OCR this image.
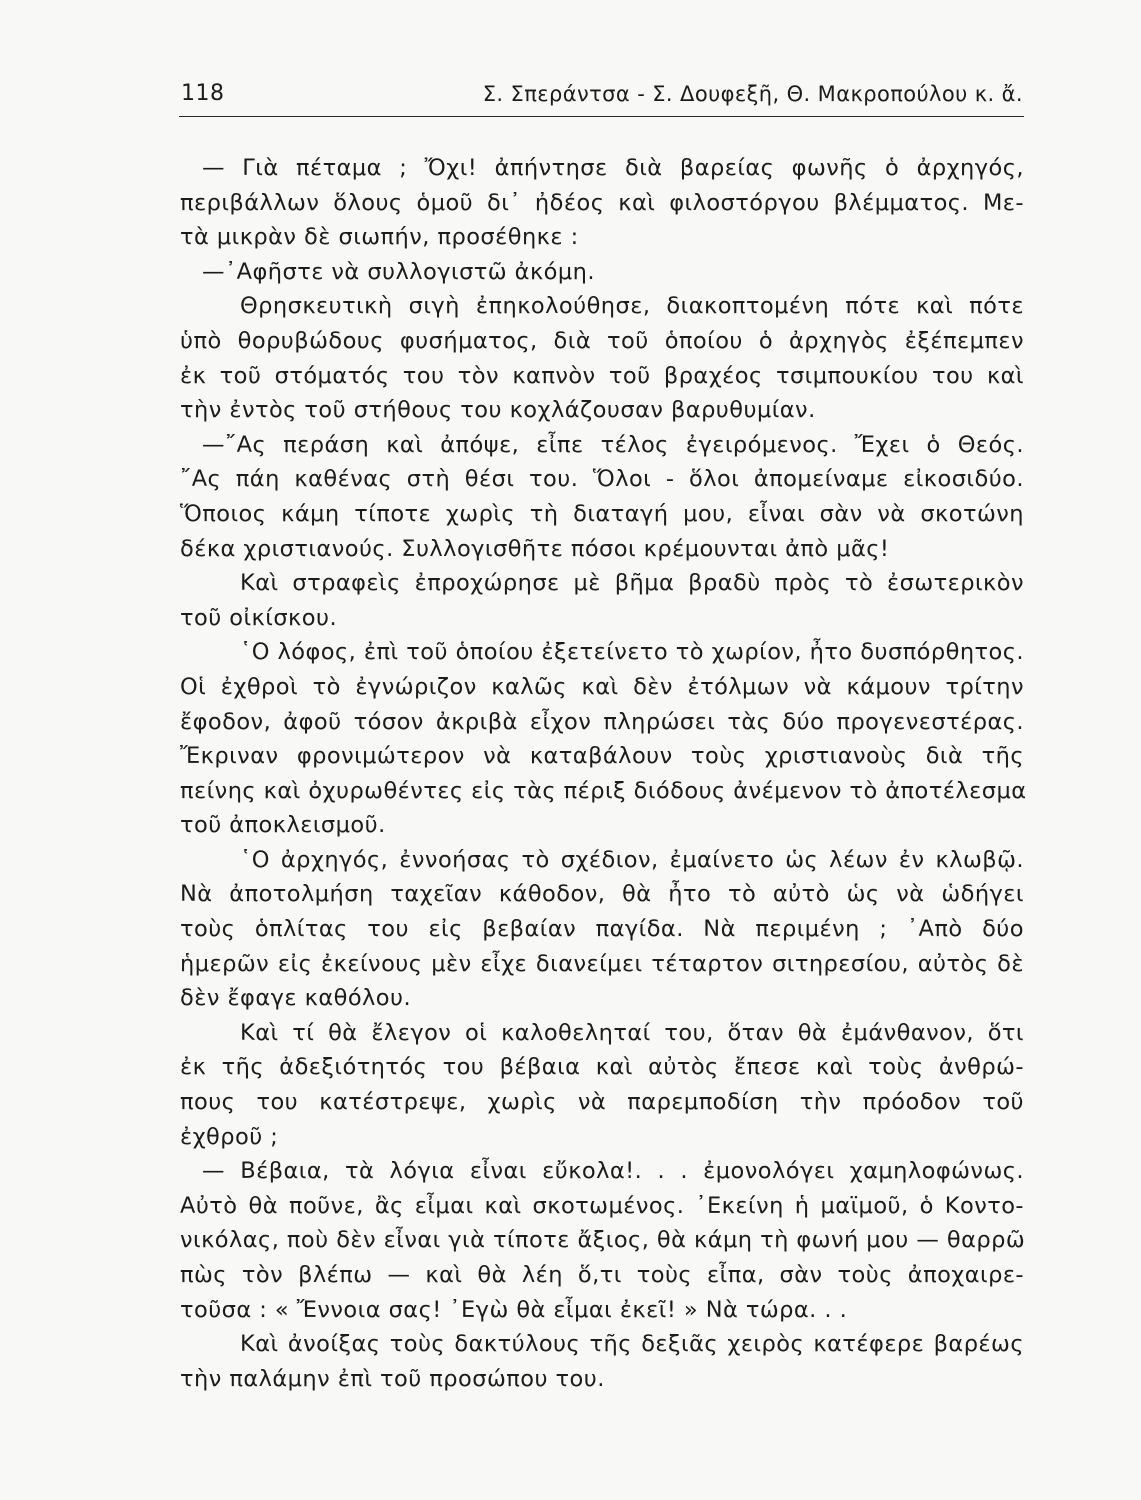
118	Σ. Σπεράντσα - Σ. Δουφεξῆ, Θ. Μακροπούλου κ. ἄ.
— Γιὰ πέταμα ; Ὄχι! ἀπήντησε διὰ βαρείας φωνῆς ὁ ἀρχηγός,
περιβάλλων ὅλους ὁμοῦ δι᾽ ἠδέος καὶ φιλοστόργου βλέμματος. Με-
τὰ μικρὰν δὲ σιωπήν, προσέθηκε :
—᾽Αφῆστε νὰ συλλογιστῶ ἀκόμη.
Θρησκευτικὴ σιγὴ ἐπηκολούθησε, διακοπτομένη πότε καὶ πότε
ὑπὸ θορυβώδους φυσήματος, διὰ τοῦ ὁποίου ὁ ἀρχηγὸς ἐξέπεμπεν
ἐκ τοῦ στόματός του τὸν καπνὸν τοῦ βραχέος τσιμπουκίου του καὶ
τὴν ἐντὸς τοῦ στήθους του κοχλάζουσαν βαρυθυμίαν.
—῎Ας περάση καὶ ἀπόψε, εἶπε τέλος ἐγειρόμενος. Ἔχει ὁ Θεός.
῎Ας πάη καθένας στὴ θέσι του. Ὅλοι - ὅλοι ἀπομείναμε εἰκοσιδύο.
Ὅποιος κάμη τίποτε χωρὶς τὴ διαταγή μου, εἶναι σὰν νὰ σκοτώνη
δέκα χριστιανούς. Συλλογισθῆτε πόσοι κρέμουνται ἀπὸ μᾶς!
Καὶ στραφεὶς ἐπροχώρησε μὲ βῆμα βραδὺ πρὸς τὸ ἐσωτερικὸν
τοῦ οἰκίσκου.
῾Ο λόφος, ἐπὶ τοῦ ὁποίου ἐξετείνετο τὸ χωρίον, ἦτο δυσπόρθητος.
Οἱ ἐχθροὶ τὸ ἐγνώριζον καλῶς καὶ δὲν ἐτόλμων νὰ κάμουν τρίτην
ἔφοδον, ἀφοῦ τόσον ἀκριβὰ εἶχον πληρώσει τὰς δύο προγενεστέρας.
Ἔκριναν φρονιμώτερον νὰ καταβάλουν τοὺς χριστιανοὺς διὰ τῆς
πείνης καὶ ὀχυρωθέντες εἰς τὰς πέριξ διόδους ἀνέμενον τὸ ἀποτέλεσμα
τοῦ ἀποκλεισμοῦ.
῾Ο ἀρχηγός, ἐννοήσας τὸ σχέδιον, ἐμαίνετο ὡς λέων ἐν κλωβῷ.
Νὰ ἀποτολμήση ταχεῖαν κάθοδον, θὰ ἦτο τὸ αὐτὸ ὡς νὰ ὡδήγει
τοὺς ὁπλίτας του εἰς βεβαίαν παγίδα. Νὰ περιμένη ; ᾽Απὸ δύο
ἡμερῶν εἰς ἐκείνους μὲν εἶχε διανείμει τέταρτον σιτηρεσίου, αὐτὸς δὲ
δὲν ἔφαγε καθόλου.
Καὶ τί θὰ ἔλεγον οἱ καλοθεληταί του, ὅταν θὰ ἐμάνθανον, ὅτι
ἐκ τῆς ἀδεξιότητός του βέβαια καὶ αὐτὸς ἔπεσε καὶ τοὺς ἀνθρώ-
πους του κατέστρεψε, χωρὶς νὰ παρεμποδίση τὴν πρόοδον τοῦ
ἐχθροῦ ;
— Βέβαια, τὰ λόγια εἶναι εὔκολα!. . . ἐμονολόγει χαμηλοφώνως.
Αὐτὸ θὰ ποῦνε, ἂς εἶμαι καὶ σκοτωμένος. ᾽Εκείνη ἡ μαϊμοῦ, ὁ Κοντο-
νικόλας, ποὺ δὲν εἶναι γιὰ τίποτε ἄξιος, θὰ κάμη τὴ φωνή μου — θαρρῶ
πὼς τὸν βλέπω — καὶ θὰ λέη ὅ,τι τοὺς εἶπα, σὰν τοὺς ἀποχαιρε-
τοῦσα : « Ἔννοια σας! ᾽Εγὼ θὰ εἶμαι ἐκεῖ! » Νὰ τώρα. . .
Καὶ ἀνοίξας τοὺς δακτύλους τῆς δεξιᾶς χειρὸς κατέφερε βαρέως
τὴν παλάμην ἐπὶ τοῦ προσώπου του.
